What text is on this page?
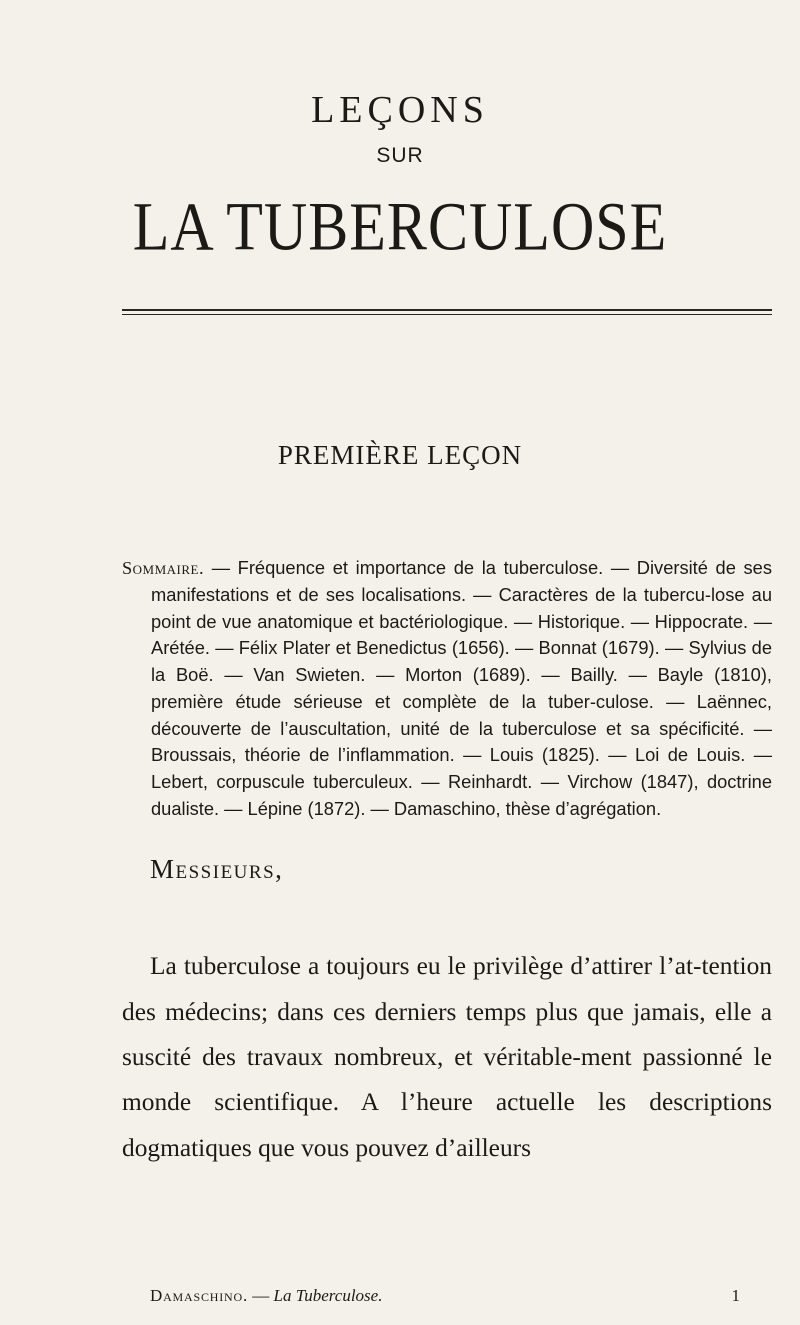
LEÇONS
SUR
LA TUBERCULOSE
PREMIÈRE LEÇON

Sommaire. — Fréquence et importance de la tuberculose. — Diversité de ses manifestations et de ses localisations. — Caractères de la tubercu-lose au point de vue anatomique et bactériologique. — Historique. — Hippocrate. — Arétée. — Félix Plater et Benedictus (1656). — Bonnat (1679). — Sylvius de la Boë. — Van Swieten. — Morton (1689). — Bailly. — Bayle (1810), première étude sérieuse et complète de la tuber-culose. — Laënnec, découverte de l’auscultation, unité de la tuberculose et sa spécificité. — Broussais, théorie de l’inflammation. — Louis (1825). — Loi de Louis. — Lebert, corpuscule tuberculeux. — Reinhardt. — Virchow (1847), doctrine dualiste. — Lépine (1872). — Damaschino, thèse d’agrégation.

Messieurs,

La tuberculose a toujours eu le privilège d’attirer l’at-tention des médecins; dans ces derniers temps plus que jamais, elle a suscité des travaux nombreux, et véritable-ment passionné le monde scientifique. A l’heure actuelle les descriptions dogmatiques que vous pouvez d’ailleurs

Damaschino. — La Tuberculose.	1
